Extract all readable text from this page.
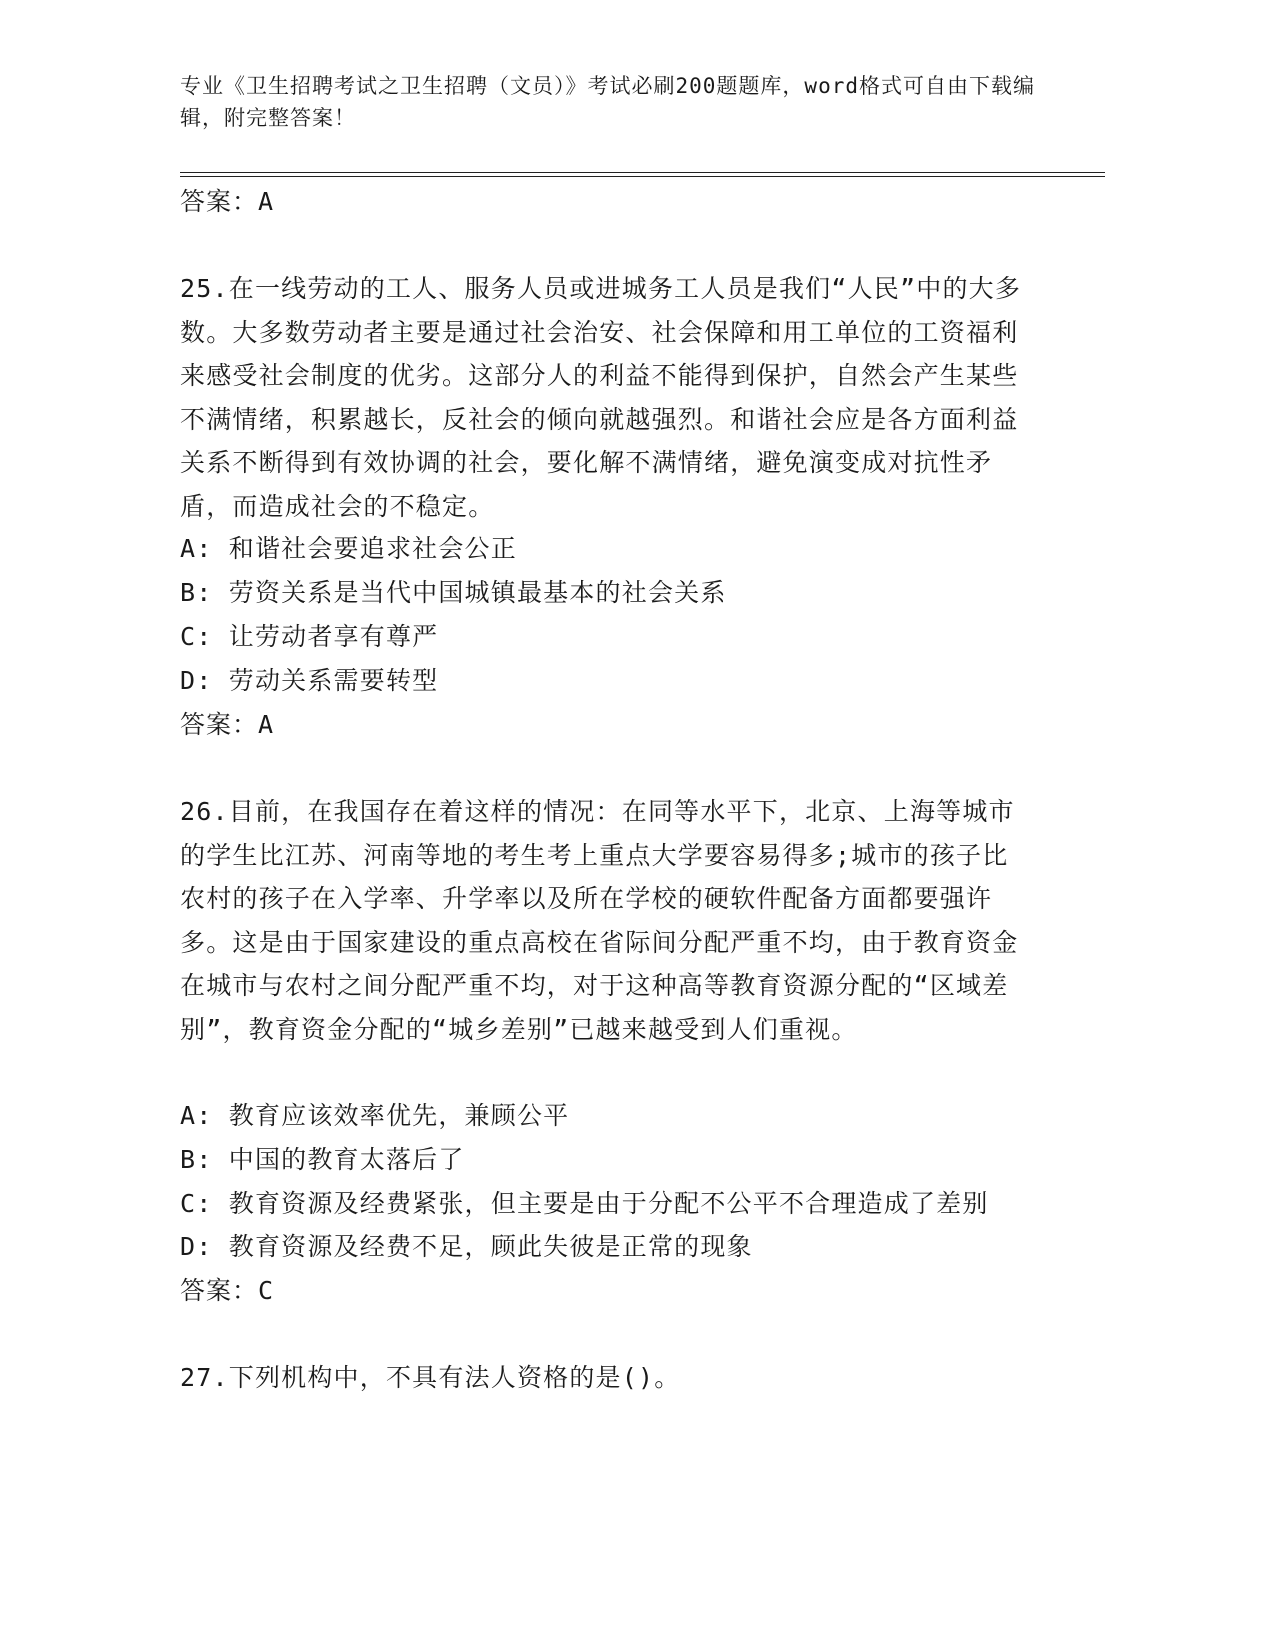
专业《卫生招聘考试之卫生招聘（文员）》考试必刷200题题库，word格式可自由下载编辑，附完整答案！
答案：A
25.在一线劳动的工人、服务人员或进城务工人员是我们“人民”中的大多数。大多数劳动者主要是通过社会治安、社会保障和用工单位的工资福利来感受社会制度的优劣。这部分人的利益不能得到保护，自然会产生某些不满情绪，积累越长，反社会的倾向就越强烈。和谐社会应是各方面利益关系不断得到有效协调的社会，要化解不满情绪，避免演变成对抗性矛盾，而造成社会的不稳定。
A: 和谐社会要追求社会公正
B: 劳资关系是当代中国城镇最基本的社会关系
C: 让劳动者享有尊严
D: 劳动关系需要转型
答案：A
26.目前，在我国存在着这样的情况：在同等水平下，北京、上海等城市的学生比江苏、河南等地的考生考上重点大学要容易得多;城市的孩子比农村的孩子在入学率、升学率以及所在学校的硬软件配备方面都要强许多。这是由于国家建设的重点高校在省际间分配严重不均，由于教育资金在城市与农村之间分配严重不均，对于这种高等教育资源分配的“区域差别”，教育资金分配的“城乡差别”已越来越受到人们重视。
A: 教育应该效率优先，兼顾公平
B: 中国的教育太落后了
C: 教育资源及经费紧张，但主要是由于分配不公平不合理造成了差别
D: 教育资源及经费不足，顾此失彼是正常的现象
答案：C
27.下列机构中，不具有法人资格的是()。
